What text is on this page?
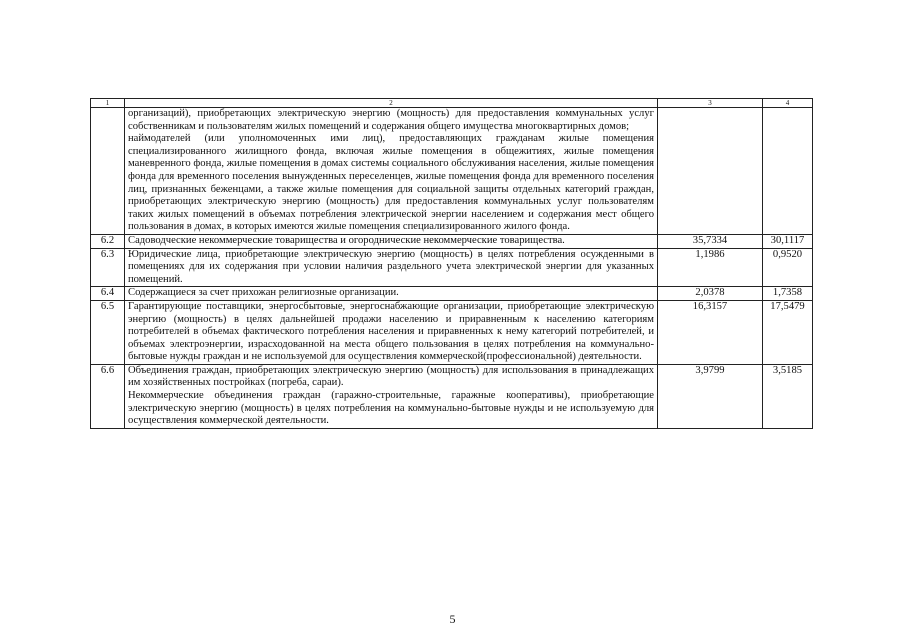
1	2	3	4

	организаций), приобретающих электрическую энергию (мощность) для предоставления коммунальных услуг собственникам и пользователям жилых помещений и содержания общего имущества многоквартирных домов;

наймодателей (или уполномоченных ими лиц), предоставляющих гражданам жилые помещения специализированного жилищного фонда, включая жилые помещения в общежитиях, жилые помещения маневренного фонда, жилые помещения в домах системы социального обслуживания населения, жилые помещения фонда для временного поселения вынужденных переселенцев, жилые помещения фонда для временного поселения лиц, признанных беженцами, а также жилые помещения для социальной защиты отдельных категорий граждан, приобретающих электрическую энергию (мощность) для предоставления коммунальных услуг пользователям таких жилых помещений в объемах потребления электрической энергии населением и содержания мест общего пользования в домах, в которых имеются жилые помещения специализированного жилого фонда.		

6.2	Садоводческие некоммерческие товарищества и огороднические некоммерческие товарищества.	35,7334	30,1117
6.3	Юридические лица, приобретающие электрическую энергию (мощность) в целях потребления осужденными в помещениях для их содержания при условии наличия раздельного учета электрической энергии для указанных помещений.	1,1986	0,9520
6.4	Содержащиеся за счет прихожан религиозные организации.	2,0378	1,7358
6.5	Гарантирующие поставщики, энергосбытовые, энергоснабжающие организации, приобретающие электрическую энергию (мощность) в целях дальнейшей продажи населению и приравненным к населению категориям потребителей в объемах фактического потребления населения и приравненных к нему категорий потребителей, и объемах электроэнергии, израсходованной на места общего пользования в целях потребления на коммунально-бытовые нужды граждан и не используемой для осуществления коммерческой(профессиональной) деятельности.	16,3157	17,5479
6.6	Объединения граждан, приобретающих электрическую энергию (мощность) для использования в принадлежащих им хозяйственных постройках (погреба, сараи).

Некоммерческие объединения граждан (гаражно-строительные, гаражные кооперативы), приобретающие электрическую энергию (мощность) в целях потребления на коммунально-бытовые нужды и не используемую для осуществления коммерческой деятельности.	3,9799	3,5185
5
